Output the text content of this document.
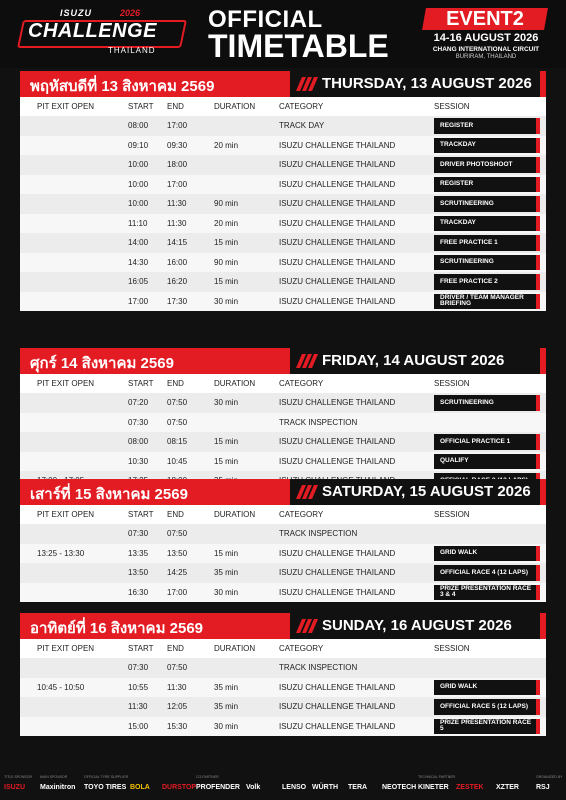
ISUZU	2026
CHALLENGE
THAILAND
OFFICIAL
TIMETABLE
EVENT2
14-16 AUGUST 2026
CHANG INTERNATIONAL CIRCUIT
BURIRAM, THAILAND
พฤหัสบดีที่ 13 สิงหาคม 2569	THURSDAY, 13 AUGUST 2026
PIT EXIT OPEN	START END	DURATION	CATEGORY	SESSION
08:00 17:00	TRACK DAY	REGISTER
09:10 09:30	20 min	ISUZU CHALLENGE THAILAND	TRACKDAY
10:00 18:00	ISUZU CHALLENGE THAILAND	DRIVER PHOTOSHOOT
10:00 17:00	ISUZU CHALLENGE THAILAND	REGISTER
10:00 11:30	90 min	ISUZU CHALLENGE THAILAND	SCRUTINEERING
11:10 11:30	20 min	ISUZU CHALLENGE THAILAND	TRACKDAY
14:00 14:15	15 min	ISUZU CHALLENGE THAILAND	FREE PRACTICE 1
14:30 16:00	90 min	ISUZU CHALLENGE THAILAND	SCRUTINEERING
16:05 16:20	15 min	ISUZU CHALLENGE THAILAND	FREE PRACTICE 2
17:00 17:30	30 min	ISUZU CHALLENGE THAILAND	DRIVER / TEAM MANAGER BRIEFING
ศุกร์ 14 สิงหาคม 2569	FRIDAY, 14 AUGUST 2026
PIT EXIT OPEN	START END	DURATION	CATEGORY	SESSION
07:20 07:50	30 min	ISUZU CHALLENGE THAILAND	SCRUTINEERING
07:30 07:50	TRACK INSPECTION
08:00 08:15	15 min	ISUZU CHALLENGE THAILAND	OFFICIAL PRACTICE 1
10:30 10:45	15 min	ISUZU CHALLENGE THAILAND	QUALIFY
เสาร์ที่ 15 สิงหาคม 2569	SATURDAY, 15 AUGUST 2026
PIT EXIT OPEN	START END	DURATION	CATEGORY	SESSION
07:30 07:50	TRACK INSPECTION
13:25 - 13:30	13:35 13:50	15 min	ISUZU CHALLENGE THAILAND	GRID WALK
13:50 14:25	35 min	ISUZU CHALLENGE THAILAND	OFFICIAL RACE 4 (12 LAPS)
16:30 17:00	30 min	ISUZU CHALLENGE THAILAND	PRIZE PRESENTATION RACE 3 & 4
อาทิตย์ที่ 16 สิงหาคม 2569	SUNDAY, 16 AUGUST 2026
PIT EXIT OPEN	START END	DURATION	CATEGORY	SESSION
07:30 07:50	TRACK INSPECTION
10:45 - 10:50	10:55 11:30	35 min	ISUZU CHALLENGE THAILAND	GRID WALK
11:30 12:05	35 min	ISUZU CHALLENGE THAILAND	OFFICIAL RACE 5 (12 LAPS)
15:00 15:30	30 min	ISUZU CHALLENGE THAILAND	PRIZE PRESENTATION RACE 5
TITLE SPONSOR
ISUZU
MAIN SPONSOR
Maxinitron
OFFICIAL TYRE SUPPLIER
TOYO TIRES BOLA DURSTOP
CO-PARTNER
PROFENDER Volk	LENSO WÜRTH TERA NEOTECH
TECHNICAL PARTNER
KINETER ZESTEK XZTER
ORGANIZED BY
RSJ
